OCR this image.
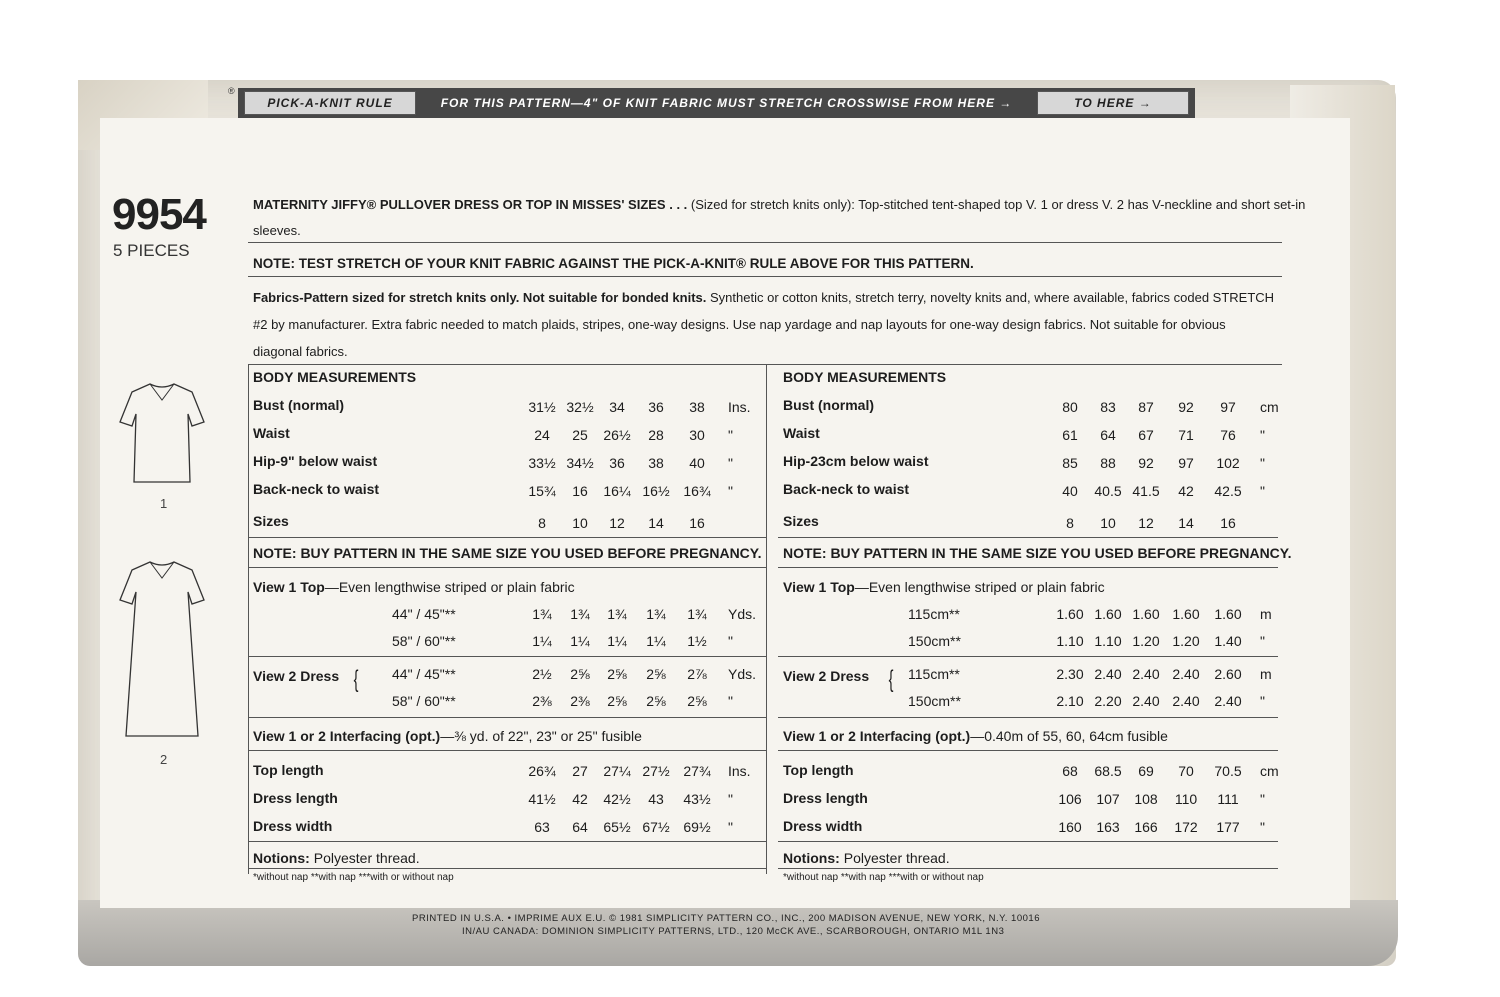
®
PICK-A-KNIT RULE	FOR THIS PATTERN—4" OF KNIT FABRIC MUST STRETCH CROSSWISE FROM HERE →	TO HERE →
9954
5 PIECES
1
2
MATERNITY JIFFY® PULLOVER DRESS OR TOP IN MISSES' SIZES . . . (Sized for stretch knits only): Top-stitched tent-shaped top V. 1 or dress V. 2 has V-neckline and short set-in
sleeves.
NOTE: TEST STRETCH OF YOUR KNIT FABRIC AGAINST THE PICK-A-KNIT® RULE ABOVE FOR THIS PATTERN.
Fabrics-Pattern sized for stretch knits only. Not suitable for bonded knits. Synthetic or cotton knits, stretch terry, novelty knits and, where available, fabrics coded STRETCH
#2 by manufacturer. Extra fabric needed to match plaids, stripes, one-way designs. Use nap yardage and nap layouts for one-way design fabrics. Not suitable for obvious
diagonal fabrics.
BODY MEASUREMENTS
Bust (normal)	31½ 32½	34	36	38	Ins.
Waist	24	25	26½	28	30	"
Hip-9" below waist	33½ 34½	36	38	40	"
Back-neck to waist	15¾	16	16¼ 16½ 16¾	"
Sizes	8	10	12	14	16
NOTE: BUY PATTERN IN THE SAME SIZE YOU USED BEFORE PREGNANCY.
View 1 Top—Even lengthwise striped or plain fabric
44" / 45"**	1¾	1¾	1¾	1¾	1¾	Yds.
58" / 60"**	1¼	1¼	1¼	1¼	1½	"
View 2 Dress { 44" / 45"**	2½	2⅝	2⅝	2⅝	2⅞	Yds.
58" / 60"**	2⅜	2⅜	2⅝	2⅝	2⅝	"
View 1 or 2 Interfacing (opt.)—⅜ yd. of 22", 23" or 25" fusible
Top length	26¾	27	27¼ 27½ 27¾	Ins.
Dress length	41½	42	42½	43	43½	"
Dress width	63	64	65½ 67½ 69½	"
Notions: Polyester thread.
*without nap **with nap ***with or without nap
BODY MEASUREMENTS
Bust (normal)	80	83	87	92	97	cm
Waist	61	64	67	71	76	"
Hip-23cm below waist	85	88	92	97	102	"
Back-neck to waist	40	40.5 41.5	42	42.5	"
Sizes	8	10	12	14	16
NOTE: BUY PATTERN IN THE SAME SIZE YOU USED BEFORE PREGNANCY.
View 1 Top—Even lengthwise striped or plain fabric
115cm**	1.60 1.60 1.60 1.60	1.60	m
150cm**	1.10 1.10 1.20 1.20	1.40	"
View 2 Dress { 115cm**	2.30 2.40 2.40 2.40	2.60	m
150cm**	2.10 2.20 2.40 2.40	2.40	"
View 1 or 2 Interfacing (opt.)—0.40m of 55, 60, 64cm fusible
Top length	68	68.5	69	70	70.5	cm
Dress length	106	107	108	110	111	"
Dress width	160	163	166	172	177	"
Notions: Polyester thread.
*without nap **with nap ***with or without nap
PRINTED IN U.S.A. • IMPRIME AUX E.U. © 1981 SIMPLICITY PATTERN CO., INC., 200 MADISON AVENUE, NEW YORK, N.Y. 10016
IN/AU CANADA: DOMINION SIMPLICITY PATTERNS, LTD., 120 McCK AVE., SCARBOROUGH, ONTARIO M1L 1N3
